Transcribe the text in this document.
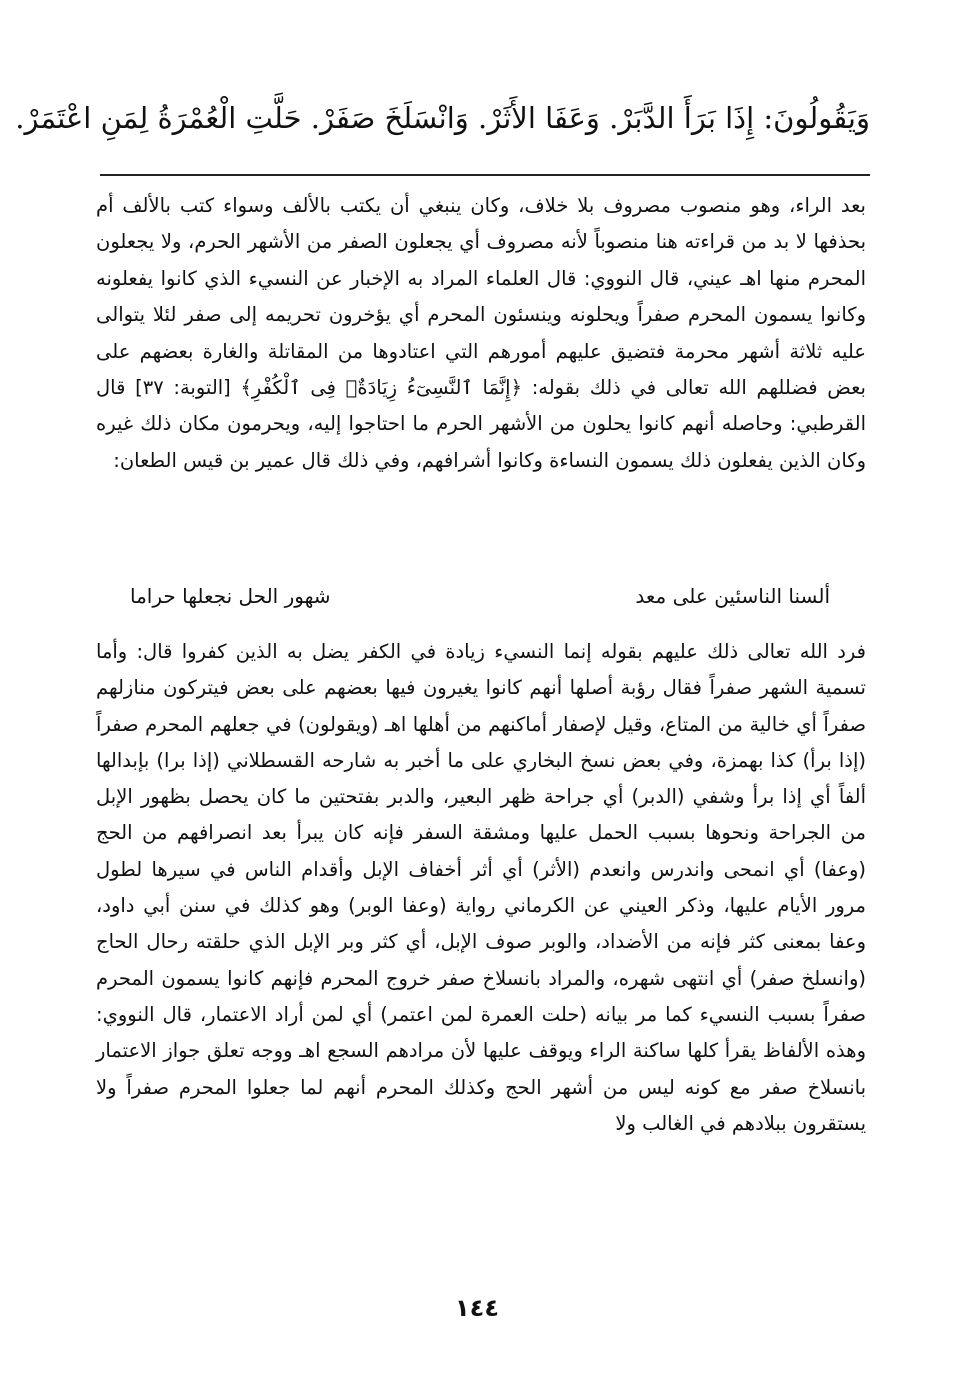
وَيَقُولُونَ: إِذَا بَرَأَ الدَّبَرْ. وَعَفَا الأَثَرْ. وَانْسَلَخَ صَفَرْ. حَلَّتِ الْعُمْرَةُ لِمَنِ اعْتَمَرْ.

بعد الراء، وهو منصوب مصروف بلا خلاف، وكان ينبغي أن يكتب بالألف وسواء كتب بالألف أم بحذفها لا بد من قراءته هنا منصوباً لأنه مصروف أي يجعلون الصفر من الأشهر الحرم، ولا يجعلون المحرم منها اهـ عيني، قال النووي: قال العلماء المراد به الإخبار عن النسيء الذي كانوا يفعلونه وكانوا يسمون المحرم صفراً ويحلونه وينسئون المحرم أي يؤخرون تحريمه إلى صفر لئلا يتوالى عليه ثلاثة أشهر محرمة فتضيق عليهم أمورهم التي اعتادوها من المقاتلة والغارة بعضهم على بعض فضللهم الله تعالى في ذلك بقوله: ﴿إِنَّمَا ٱلنَّسِىٓءُ زِيَادَةٌۭ فِى ٱلْكُفْرِ﴾ [التوبة: ٣٧] قال القرطبي: وحاصله أنهم كانوا يحلون من الأشهر الحرم ما احتاجوا إليه، ويحرمون مكان ذلك غيره وكان الذين يفعلون ذلك يسمون النساءة وكانوا أشرافهم، وفي ذلك قال عمير بن قيس الطعان:

ألسنا الناسئين على معد
شهور الحل نجعلها حراما

فرد الله تعالى ذلك عليهم بقوله إنما النسيء زيادة في الكفر يضل به الذين كفروا قال: وأما تسمية الشهر صفراً فقال رؤبة أصلها أنهم كانوا يغيرون فيها بعضهم على بعض فيتركون منازلهم صفراً أي خالية من المتاع، وقيل لإصفار أماكنهم من أهلها اهـ (ويقولون) في جعلهم المحرم صفراً (إذا برأ) كذا بهمزة، وفي بعض نسخ البخاري على ما أخبر به شارحه القسطلاني (إذا برا) بإبدالها ألفاً أي إذا برأ وشفي (الدبر) أي جراحة ظهر البعير، والدبر بفتحتين ما كان يحصل بظهور الإبل من الجراحة ونحوها بسبب الحمل عليها ومشقة السفر فإنه كان يبرأ بعد انصرافهم من الحج (وعفا) أي انمحى واندرس وانعدم (الأثر) أي أثر أخفاف الإبل وأقدام الناس في سيرها لطول مرور الأيام عليها، وذكر العيني عن الكرماني رواية (وعفا الوبر) وهو كذلك في سنن أبي داود، وعفا بمعنى كثر فإنه من الأضداد، والوبر صوف الإبل، أي كثر وبر الإبل الذي حلقته رحال الحاج (وانسلخ صفر) أي انتهى شهره، والمراد بانسلاخ صفر خروج المحرم فإنهم كانوا يسمون المحرم صفراً بسبب النسيء كما مر بيانه (حلت العمرة لمن اعتمر) أي لمن أراد الاعتمار، قال النووي: وهذه الألفاظ يقرأ كلها ساكنة الراء ويوقف عليها لأن مرادهم السجع اهـ ووجه تعلق جواز الاعتمار بانسلاخ صفر مع كونه ليس من أشهر الحج وكذلك المحرم أنهم لما جعلوا المحرم صفراً ولا يستقرون ببلادهم في الغالب ولا

١٤٤
